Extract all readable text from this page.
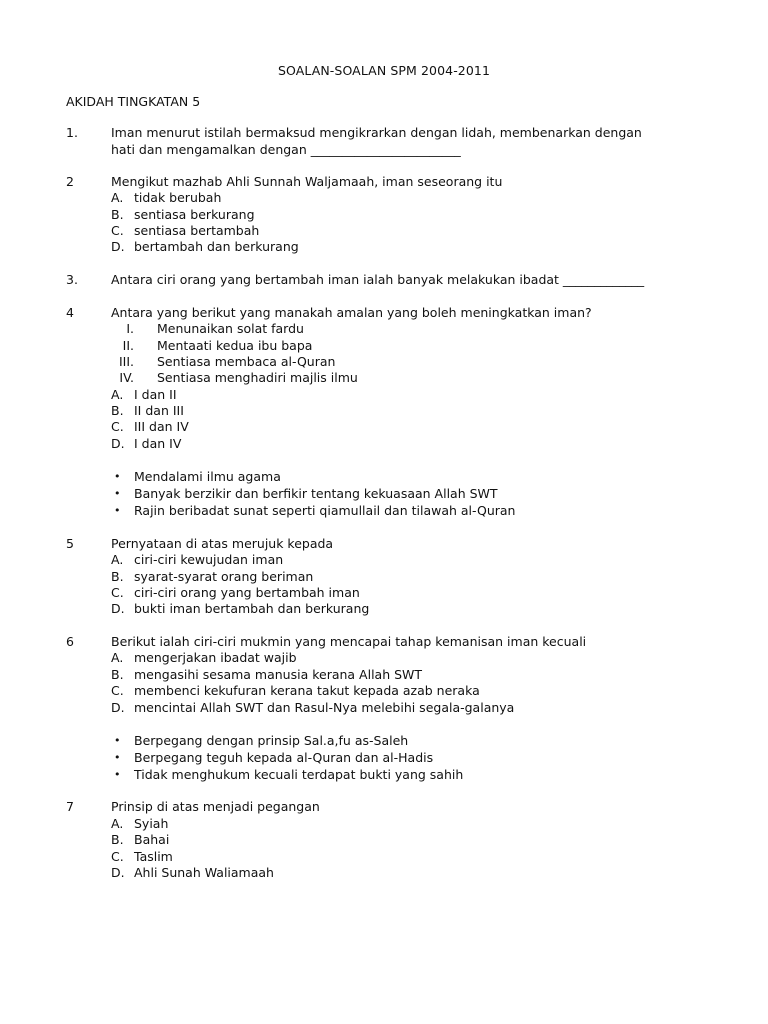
SOALAN-SOALAN SPM 2004-2011
AKIDAH TINGKATAN 5
1.	Iman menurut istilah bermaksud mengikrarkan dengan lidah, membenarkan dengan
hati dan mengamalkan dengan ________________________
2	Mengikut mazhab Ahli Sunnah Waljamaah, iman seseorang itu
A. tidak berubah
B. sentiasa berkurang
C. sentiasa bertambah
D. bertambah dan berkurang
3.	Antara ciri orang yang bertambah iman ialah banyak melakukan ibadat _____________
4	Antara yang berikut yang manakah amalan yang boleh meningkatkan iman?
I. Menunaikan solat fardu
II. Mentaati kedua ibu bapa
III. Sentiasa membaca al-Quran
IV. Sentiasa menghadiri majlis ilmu
A. I dan II
B. II dan III
C. III dan IV
D. I dan IV
• Mendalami ilmu agama
• Banyak berzikir dan berfikir tentang kekuasaan Allah SWT
• Rajin beribadat sunat seperti qiamullail dan tilawah al-Quran
5	Pernyataan di atas merujuk kepada
A. ciri-ciri kewujudan iman
B. syarat-syarat orang beriman
C. ciri-ciri orang yang bertambah iman
D. bukti iman bertambah dan berkurang
6	Berikut ialah ciri-ciri mukmin yang mencapai tahap kemanisan iman kecuali
A. mengerjakan ibadat wajib
B. mengasihi sesama manusia kerana Allah SWT
C. membenci kekufuran kerana takut kepada azab neraka
D. mencintai Allah SWT dan Rasul-Nya melebihi segala-galanya
• Berpegang dengan prinsip Sal.a,fu as-Saleh
• Berpegang teguh kepada al-Quran dan al-Hadis
• Tidak menghukum kecuali terdapat bukti yang sahih
7	Prinsip di atas menjadi pegangan
A. Syiah
B. Bahai
C. Taslim
D. Ahli Sunah Waliamaah
